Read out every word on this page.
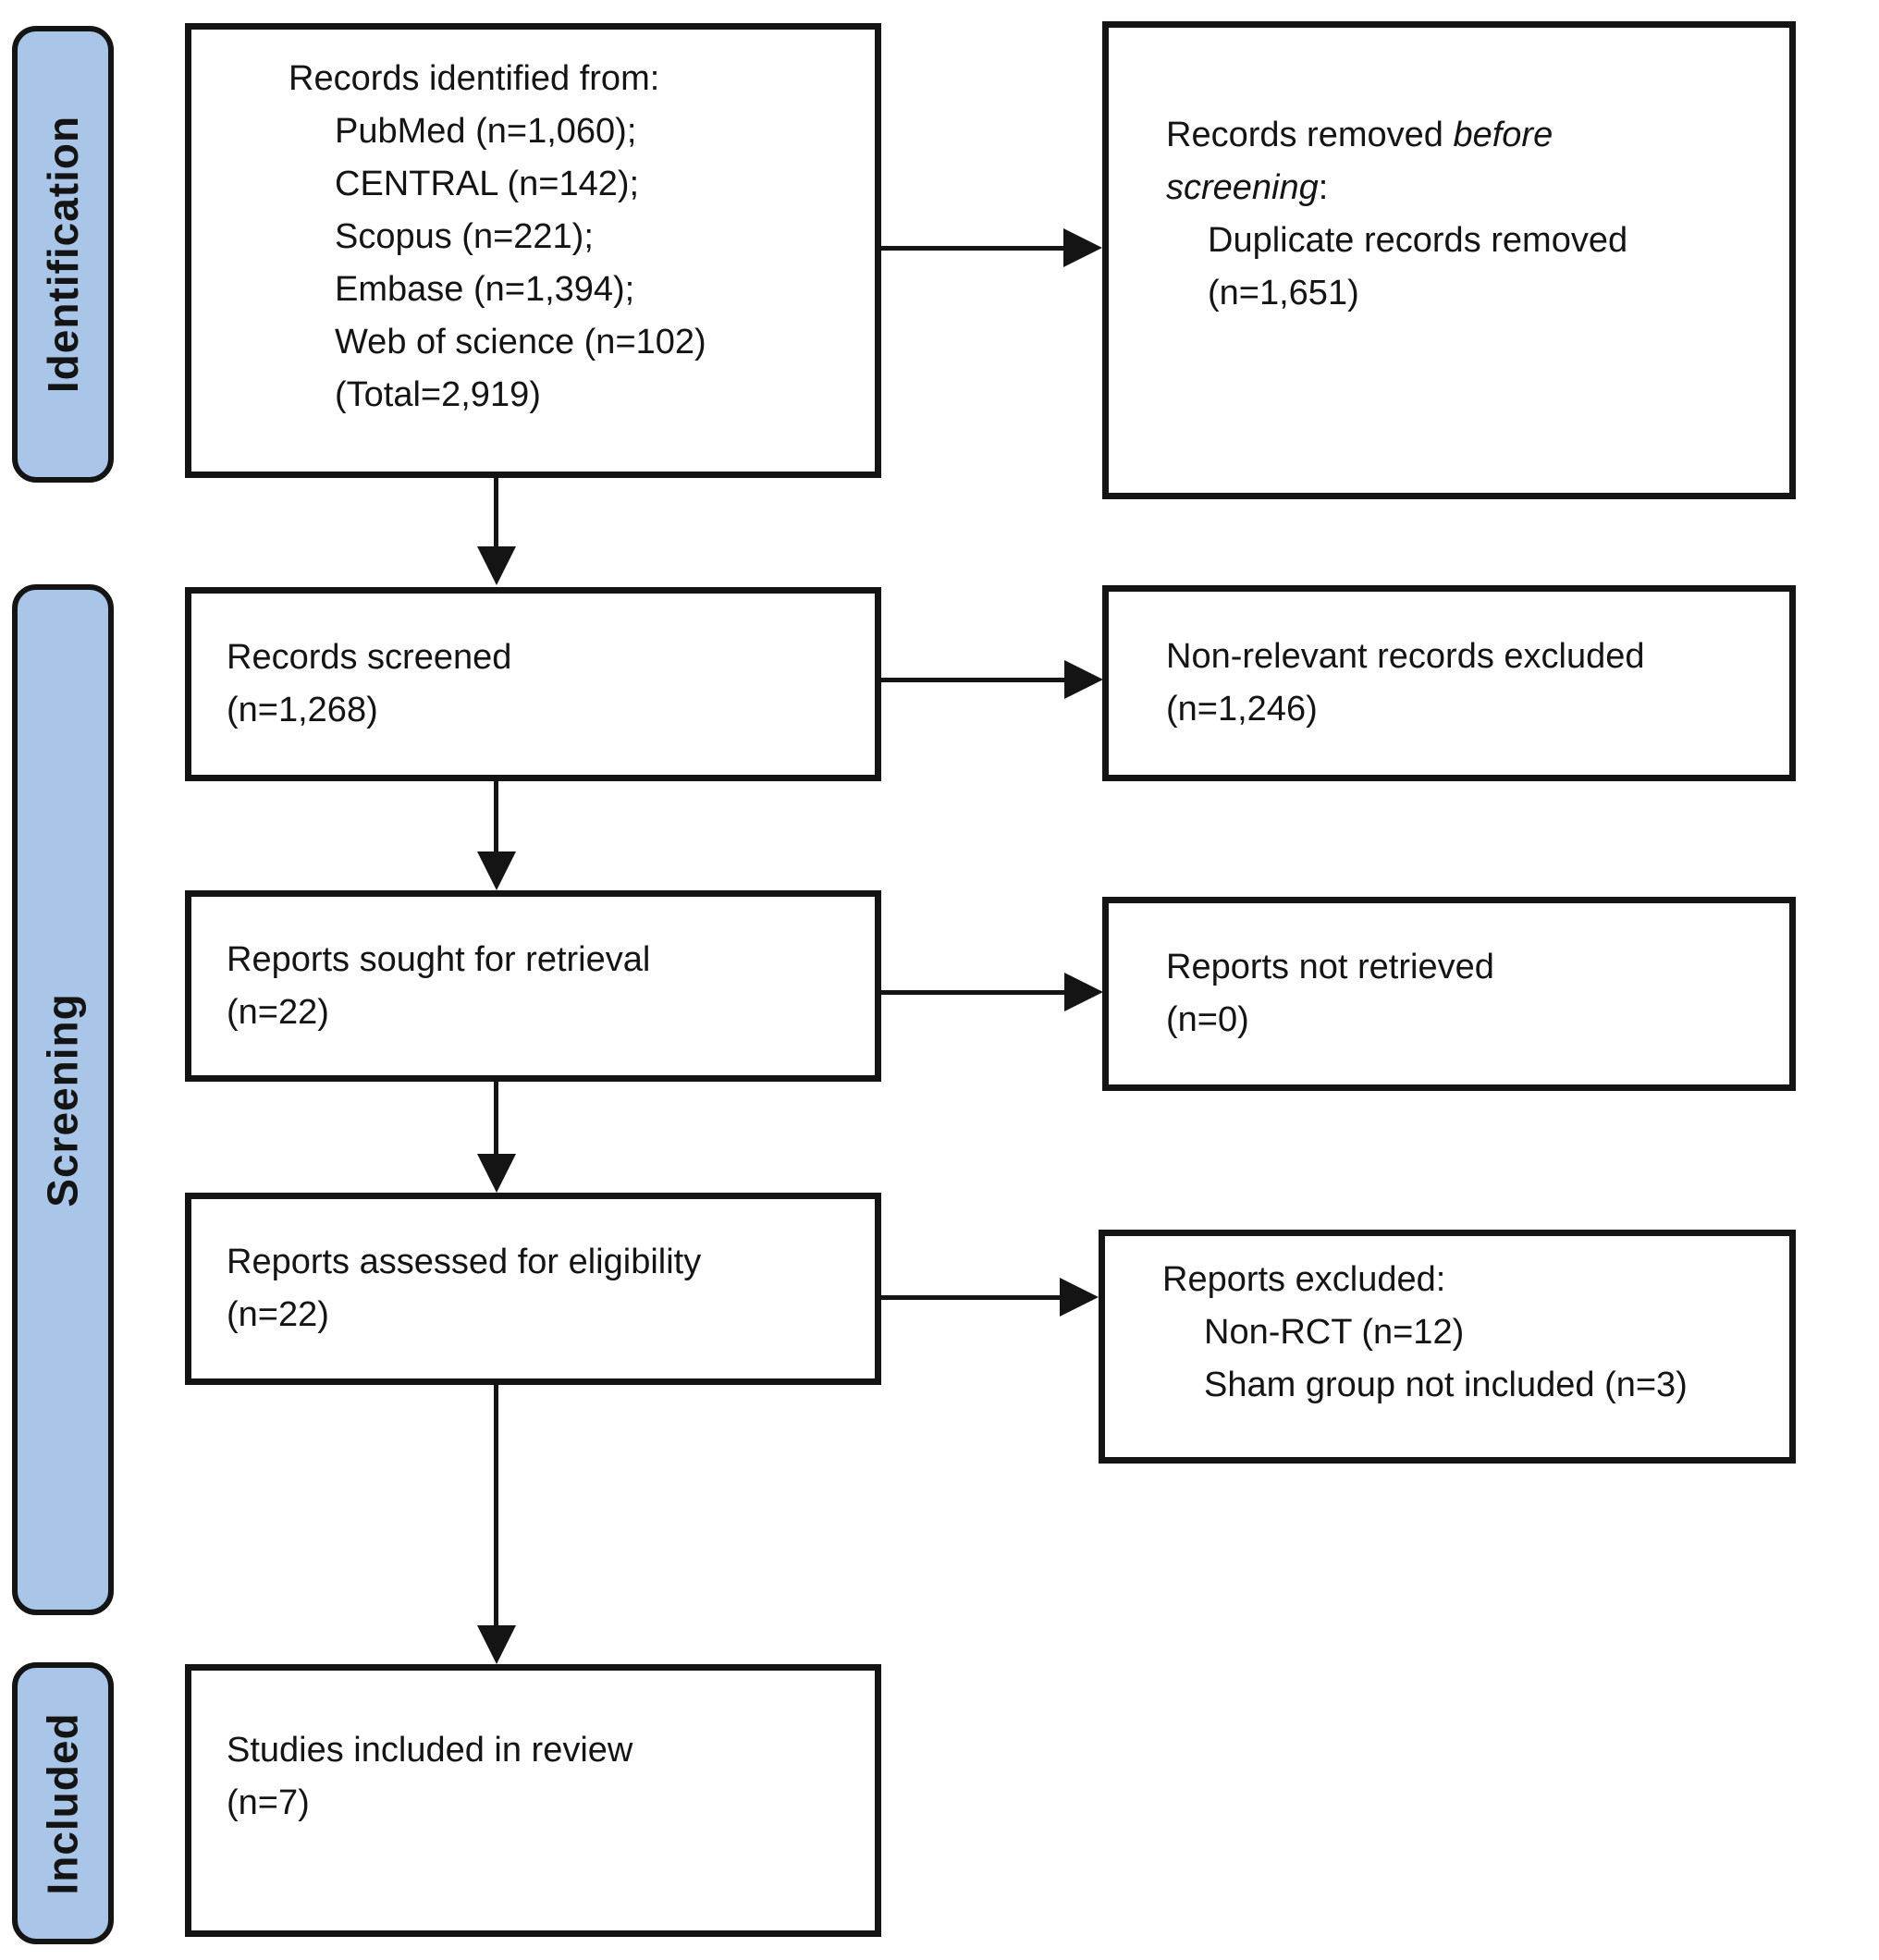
Identification
Screening
Included
Records identified from:
PubMed (n=1,060);
CENTRAL (n=142);
Scopus (n=221);
Embase (n=1,394);
Web of science (n=102)
(Total=2,919)
Records screened
(n=1,268)
Reports sought for retrieval
(n=22)
Reports assessed for eligibility
(n=22)
Studies included in review
(n=7)
Records removed before
screening:
Duplicate records removed
(n=1,651)
Non-relevant records excluded
(n=1,246)
Reports not retrieved
(n=0)
Reports excluded:
Non-RCT (n=12)
Sham group not included (n=3)
